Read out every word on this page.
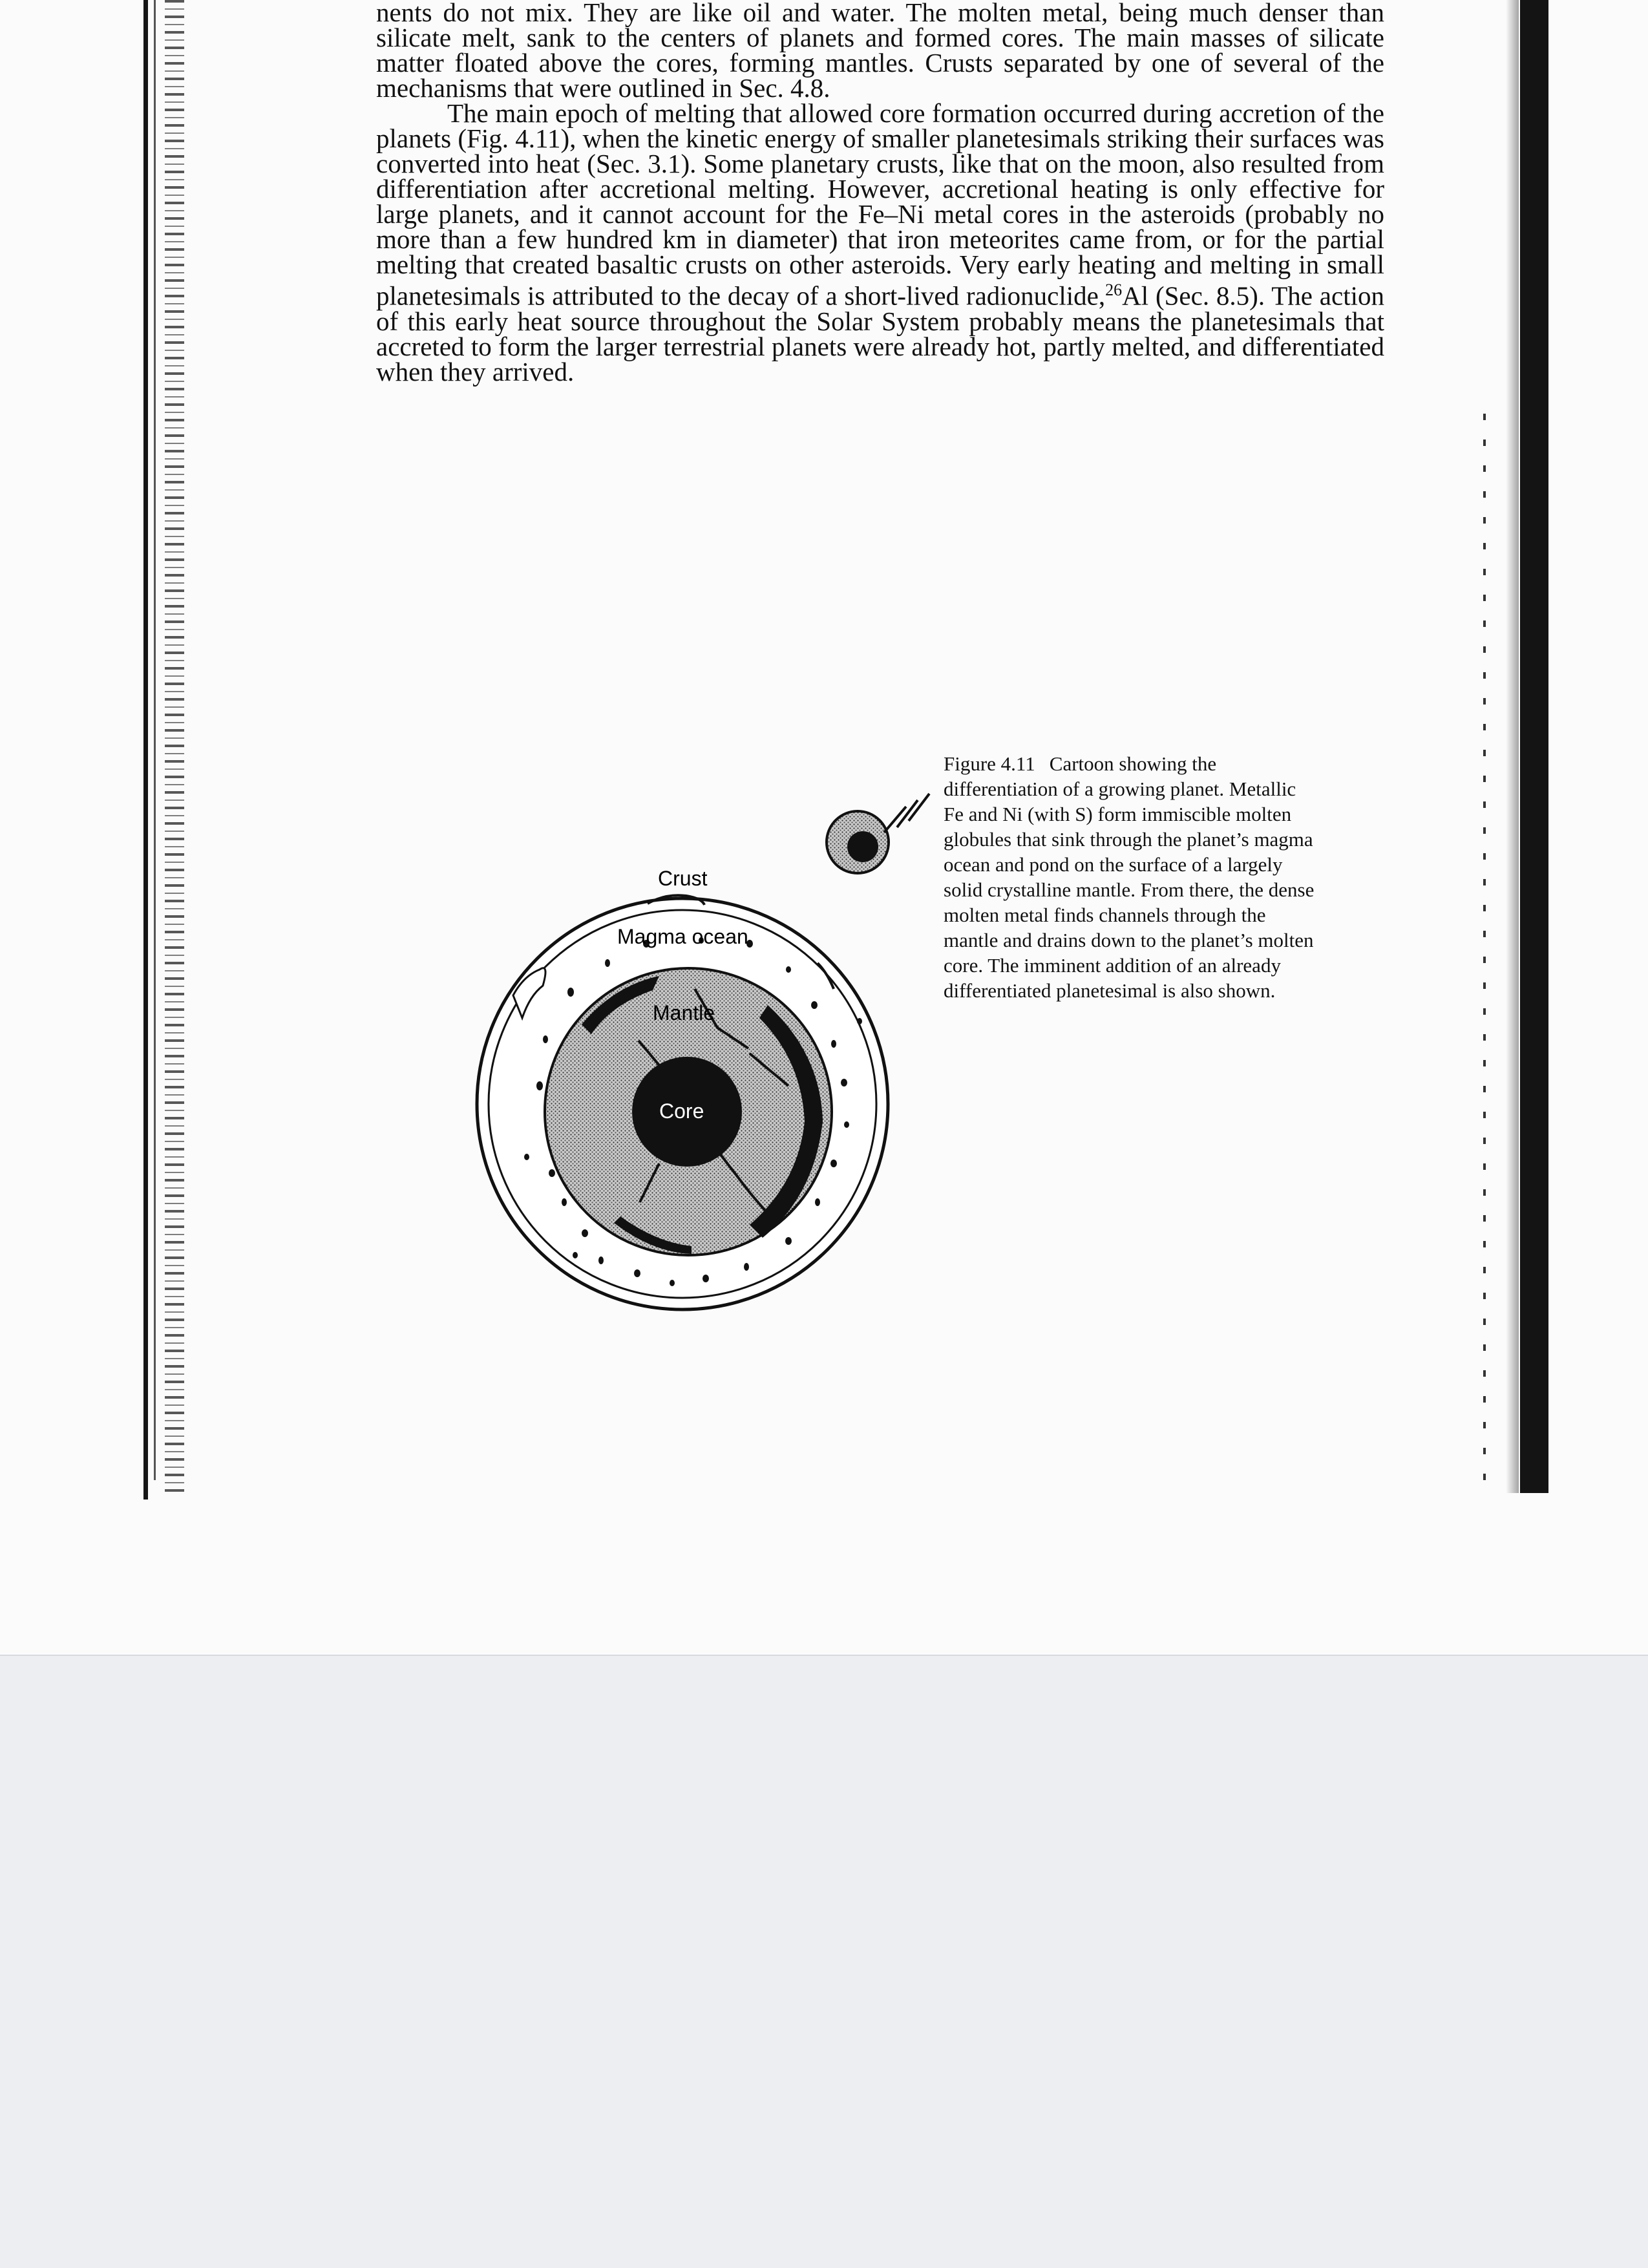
nents do not mix. They are like oil and water. The molten metal, being much denser than silicate melt, sank to the centers of planets and formed cores. The main masses of silicate matter floated above the cores, forming mantles. Crusts separated by one of several of the mechanisms that were outlined in Sec. 4.8.

The main epoch of melting that allowed core formation occurred during accretion of the planets (Fig. 4.11), when the kinetic energy of smaller planetesimals striking their surfaces was converted into heat (Sec. 3.1). Some planetary crusts, like that on the moon, also resulted from differentiation after accretional melting. However, accretional heating is only effective for large planets, and it cannot account for the Fe–Ni metal cores in the asteroids (probably no more than a few hundred km in diameter) that iron meteorites came from, or for the partial melting that created basaltic crusts on other asteroids. Very early heating and melting in small planetesimals is attributed to the decay of a short-lived radionuclide,$^{26}$Al (Sec. 8.5). The action of this early heat source throughout the Solar System probably means the planetesimals that accreted to form the larger terrestrial planets were already hot, partly melted, and differentiated when they arrived.

Crust
Magma ocean
Mantle
Core
Figure 4.11 Cartoon showing the differentiation of a growing planet. Metallic Fe and Ni (with S) form immiscible molten globules that sink through the planet’s magma ocean and pond on the surface of a largely solid crystalline mantle. From there, the dense molten metal finds channels through the mantle and drains down to the planet’s molten core. The imminent addition of an already differentiated planetesimal is also shown.
